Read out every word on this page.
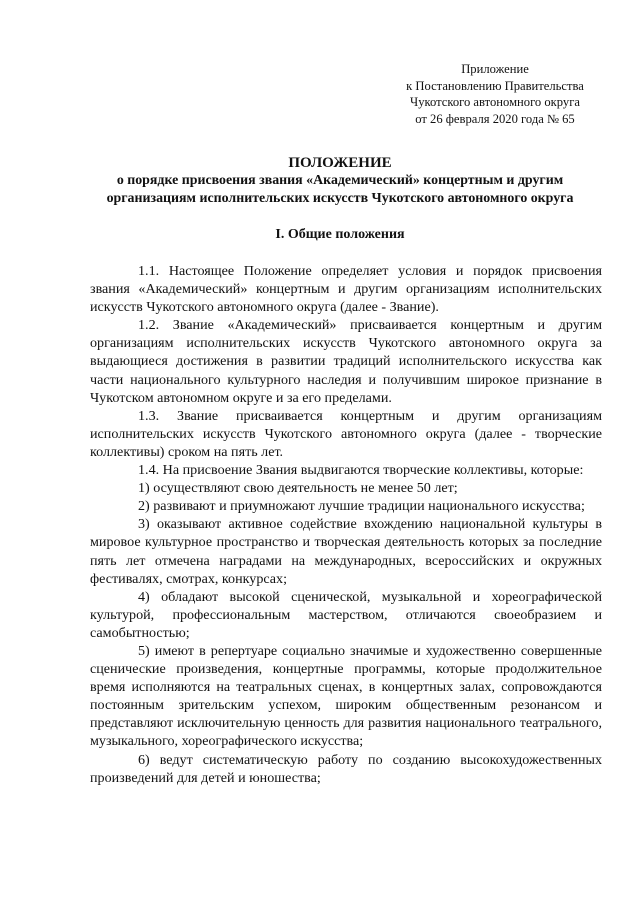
Приложение
к Постановлению Правительства
Чукотского автономного округа
от 26 февраля 2020 года № 65
ПОЛОЖЕНИЕ
о порядке присвоения звания «Академический» концертным и другим
организациям исполнительских искусств Чукотского автономного округа
I. Общие положения

1.1. Настоящее Положение определяет условия и порядок присвоения звания «Академический» концертным и другим организациям исполнительских искусств Чукотского автономного округа (далее - Звание).

1.2. Звание «Академический» присваивается концертным и другим организациям исполнительских искусств Чукотского автономного округа за выдающиеся достижения в развитии традиций исполнительского искусства как части национального культурного наследия и получившим широкое признание в Чукотском автономном округе и за его пределами.

1.3. Звание присваивается концертным и другим организациям исполнительских искусств Чукотского автономного округа (далее - творческие коллективы) сроком на пять лет.

1.4. На присвоение Звания выдвигаются творческие коллективы, которые:

1) осуществляют свою деятельность не менее 50 лет;

2) развивают и приумножают лучшие традиции национального искусства;

3) оказывают активное содействие вхождению национальной культуры в мировое культурное пространство и творческая деятельность которых за последние пять лет отмечена наградами на международных, всероссийских и окружных фестивалях, смотрах, конкурсах;

4) обладают высокой сценической, музыкальной и хореографической культурой, профессиональным мастерством, отличаются своеобразием и самобытностью;

5) имеют в репертуаре социально значимые и художественно совершенные сценические произведения, концертные программы, которые продолжительное время исполняются на театральных сценах, в концертных залах, сопровождаются постоянным зрительским успехом, широким общественным резонансом и представляют исключительную ценность для развития национального театрального, музыкального, хореографического искусства;

6) ведут систематическую работу по созданию высокохудожественных произведений для детей и юношества;
